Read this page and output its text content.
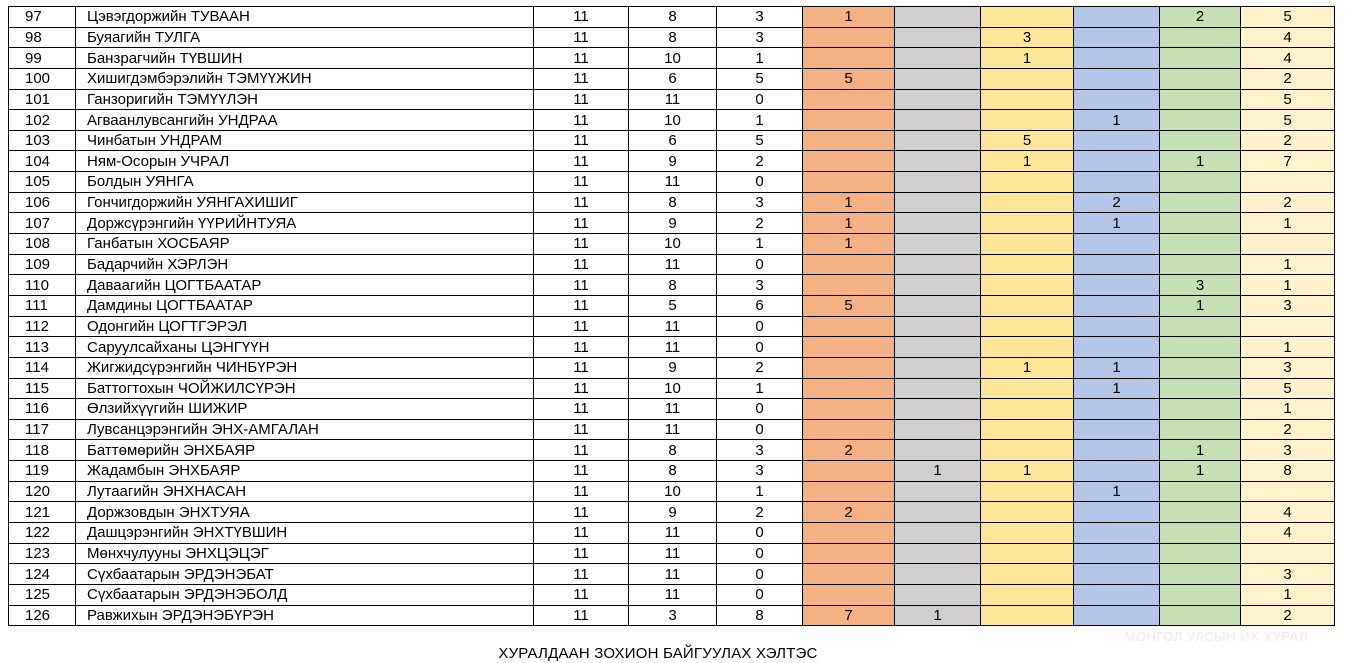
97	Цэвэгдоржийн ТУВААН	11	8	3	1				2	5
98	Буяагийн ТУЛГА	11	8	3			3			4
99	Банзрагчийн ТҮВШИН	11	10	1			1			4
100	Хишигдэмбэрэлийн ТЭМҮҮЖИН	11	6	5	5					2
101	Ганзоригийн ТЭМҮҮЛЭН	11	11	0						5
102	Агваанлувсангийн УНДРАА	11	10	1				1		5
103	Чинбатын УНДРАМ	11	6	5			5			2
104	Ням-Осорын УЧРАЛ	11	9	2			1		1	7
105	Болдын УЯНГА	11	11	0						
106	Гончигдоржийн УЯНГАХИШИГ	11	8	3	1			2		2
107	Доржсүрэнгийн ҮҮРИЙНТУЯА	11	9	2	1			1		1
108	Ганбатын ХОСБАЯР	11	10	1	1					
109	Бадарчийн ХЭРЛЭН	11	11	0						1
110	Даваагийн ЦОГТБААТАР	11	8	3					3	1
111	Дамдины ЦОГТБААТАР	11	5	6	5				1	3
112	Одонгийн ЦОГТГЭРЭЛ	11	11	0						
113	Саруулсайханы ЦЭНГҮҮН	11	11	0						1
114	Жигжидсүрэнгийн ЧИНБҮРЭН	11	9	2			1	1		3
115	Баттогтохын ЧОЙЖИЛСҮРЭН	11	10	1				1		5
116	Өлзийхүүгийн ШИЖИР	11	11	0						1
117	Лувсанцэрэнгийн ЭНХ-АМГАЛАН	11	11	0						2
118	Баттөмөрийн ЭНХБАЯР	11	8	3	2				1	3
119	Жадамбын ЭНХБАЯР	11	8	3		1	1		1	8
120	Лутаагийн ЭНХНАСАН	11	10	1				1		
121	Доржзовдын ЭНХТУЯА	11	9	2	2					4
122	Дашцэрэнгийн ЭНХТҮВШИН	11	11	0						4
123	Мөнхчулууны ЭНХЦЭЦЭГ	11	11	0						
124	Сүхбаатарын ЭРДЭНЭБАТ	11	11	0						3
125	Сүхбаатарын ЭРДЭНЭБОЛД	11	11	0						1
126	Равжихын ЭРДЭНЭБҮРЭН	11	3	8	7	1				2
МОНГОЛ УЛСЫН ИХ ХУРАЛ
ХУРАЛДААН ЗОХИОН БАЙГУУЛАХ ХЭЛТЭС
